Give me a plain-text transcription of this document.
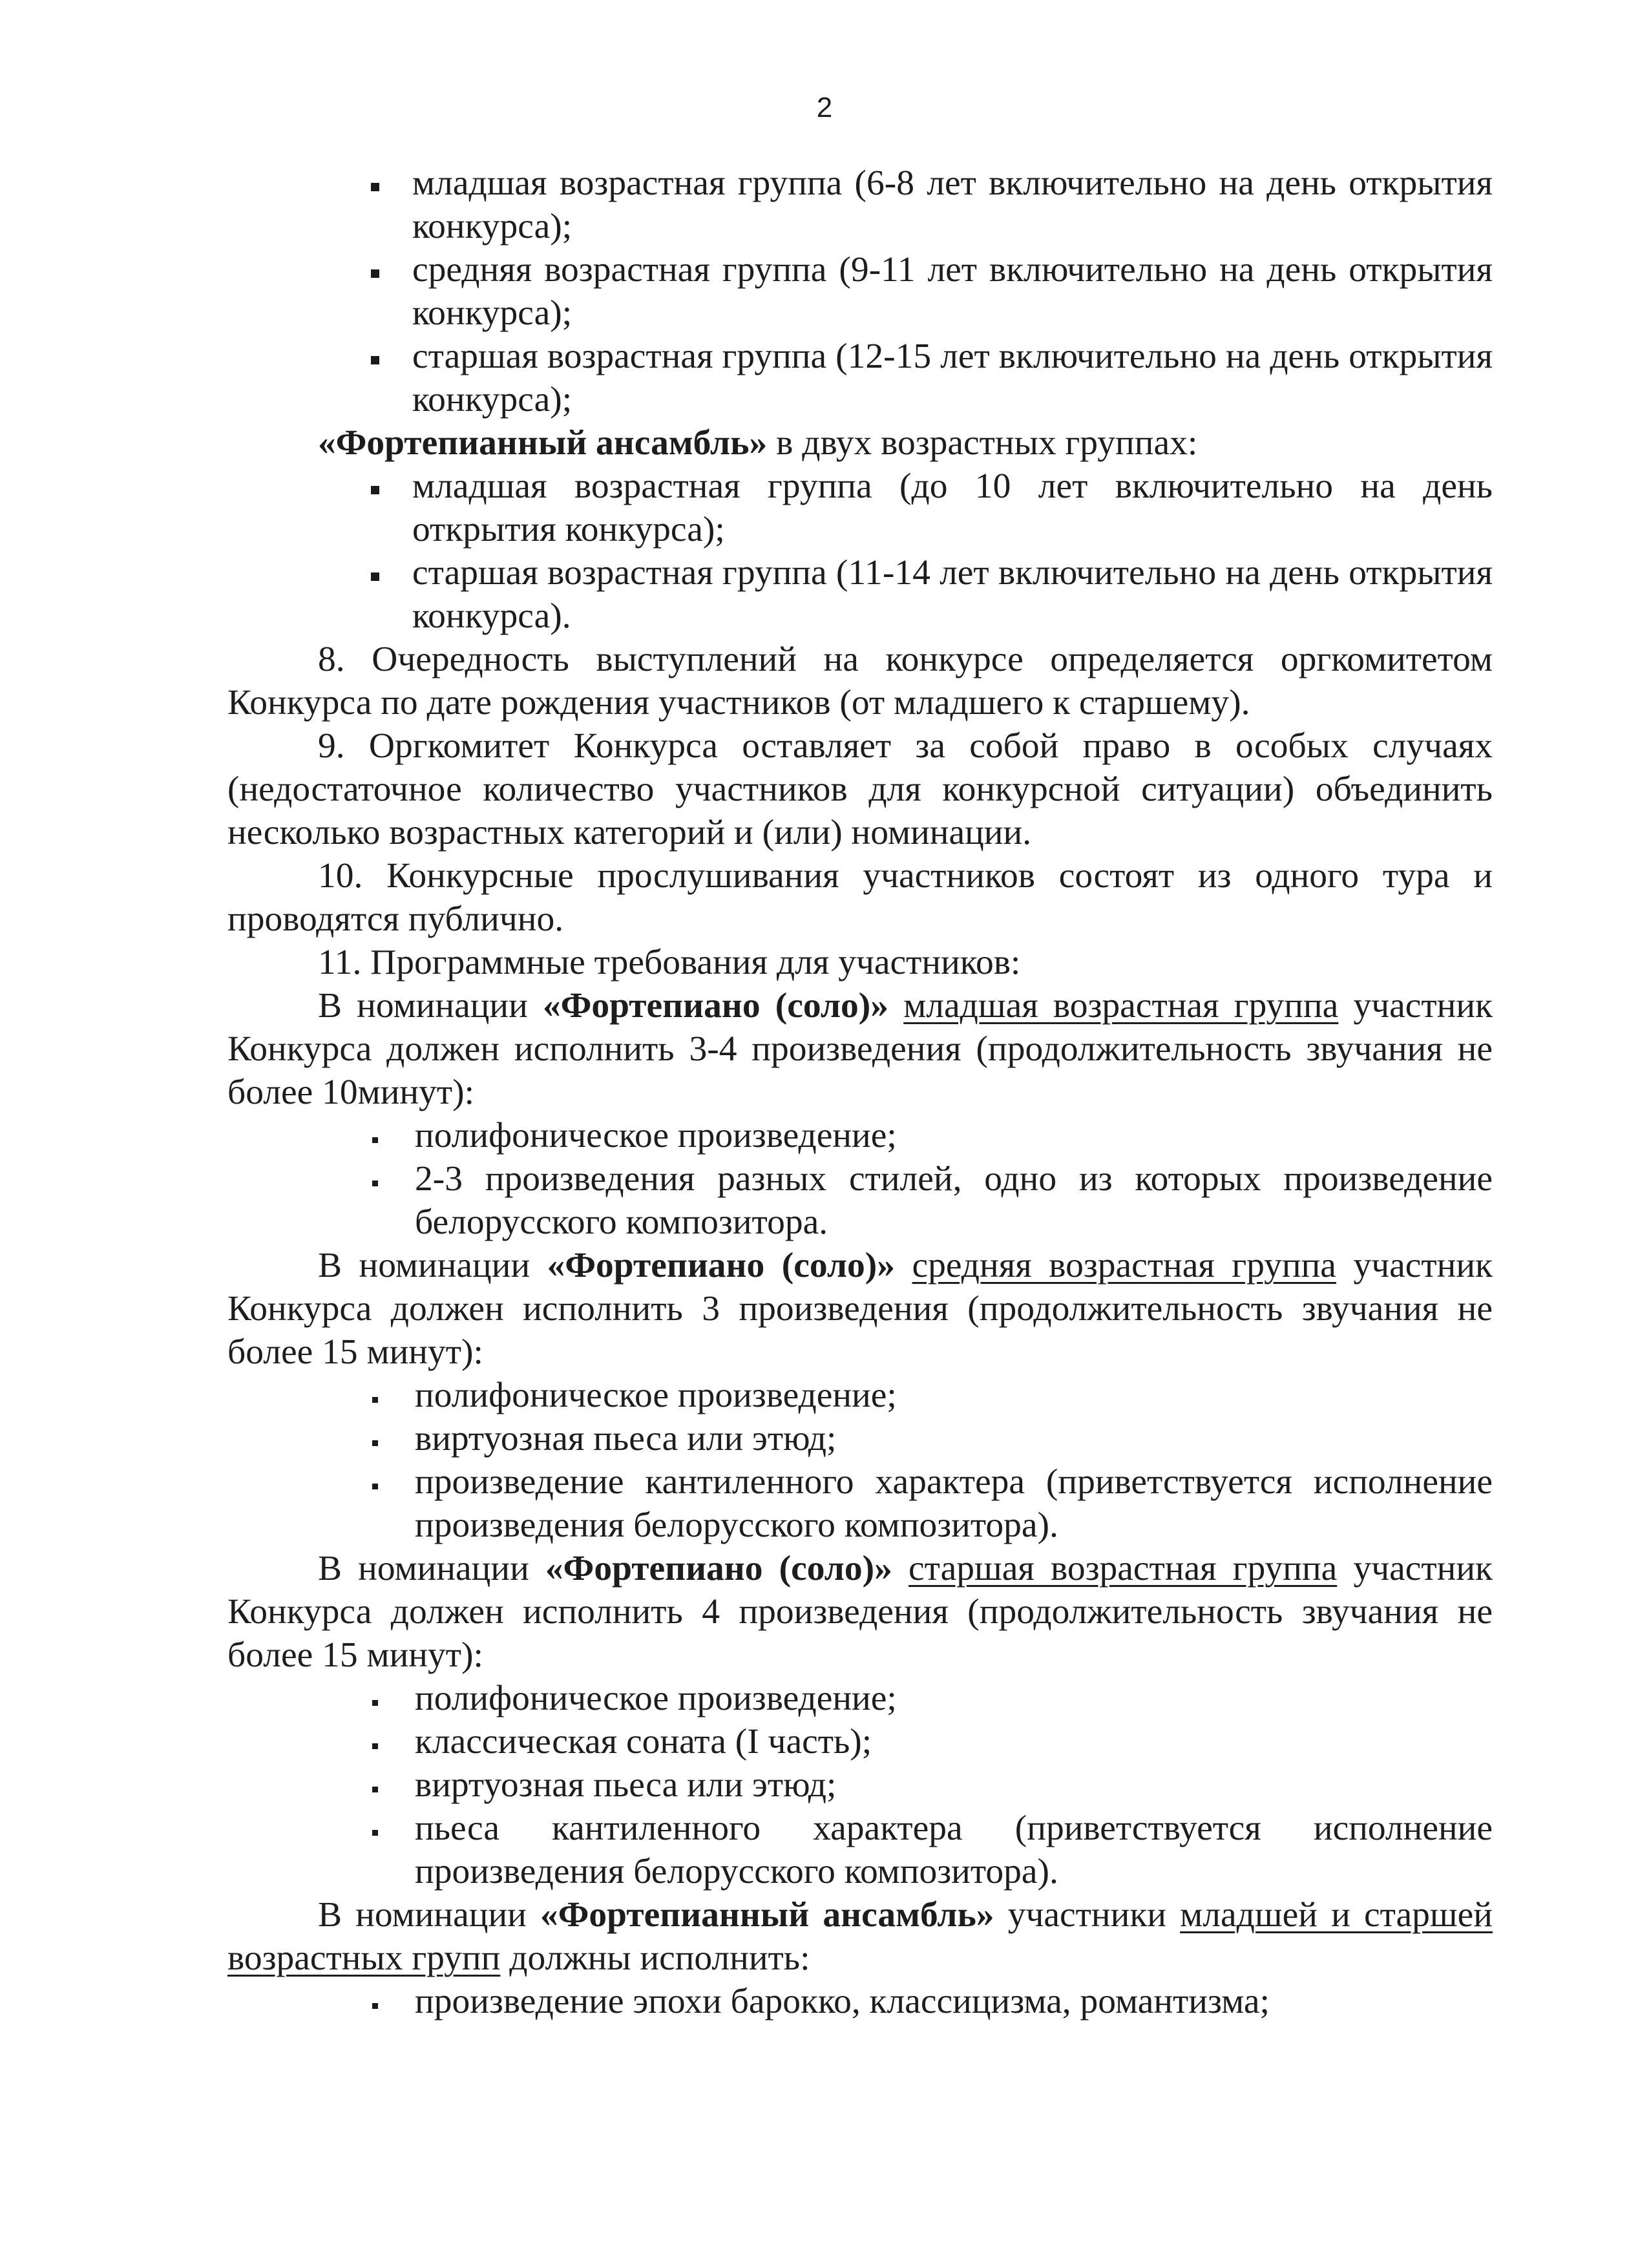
2
младшая возрастная группа (6-8 лет включительно на день открытия конкурса);
средняя возрастная группа (9-11 лет включительно на день открытия конкурса);
старшая возрастная группа (12-15 лет включительно на день открытия конкурса);

«Фортепианный ансамбль» в двух возрастных группах:

младшая возрастная группа (до 10 лет включительно на день открытия конкурса);
старшая возрастная группа (11-14 лет включительно на день открытия конкурса).

8. Очередность выступлений на конкурсе определяется оргкомитетом Конкурса по дате рождения участников (от младшего к старшему).

9. Оргкомитет Конкурса оставляет за собой право в особых случаях (недостаточное количество участников для конкурсной ситуации) объединить несколько возрастных категорий и (или) номинации.

10. Конкурсные прослушивания участников состоят из одного тура и проводятся публично.

11. Программные требования для участников:

В номинации «Фортепиано (соло)» младшая возрастная группа участник Конкурса должен исполнить 3-4 произведения (продолжительность звучания не более 10минут):

полифоническое произведение;
2-3 произведения разных стилей, одно из которых произведение белорусского композитора.

В номинации «Фортепиано (соло)» средняя возрастная группа участник Конкурса должен исполнить 3 произведения (продолжительность звучания не более 15 минут):

полифоническое произведение;
виртуозная пьеса или этюд;
произведение кантиленного характера (приветствуется исполнение произведения белорусского композитора).

В номинации «Фортепиано (соло)» старшая возрастная группа участник Конкурса должен исполнить 4 произведения (продолжительность звучания не более 15 минут):

полифоническое произведение;
классическая соната (I часть);
виртуозная пьеса или этюд;
пьеса кантиленного характера (приветствуется исполнение произведения белорусского композитора).

В номинации «Фортепианный ансамбль» участники младшей и старшей возрастных групп должны исполнить:

произведение эпохи барокко, классицизма, романтизма;
